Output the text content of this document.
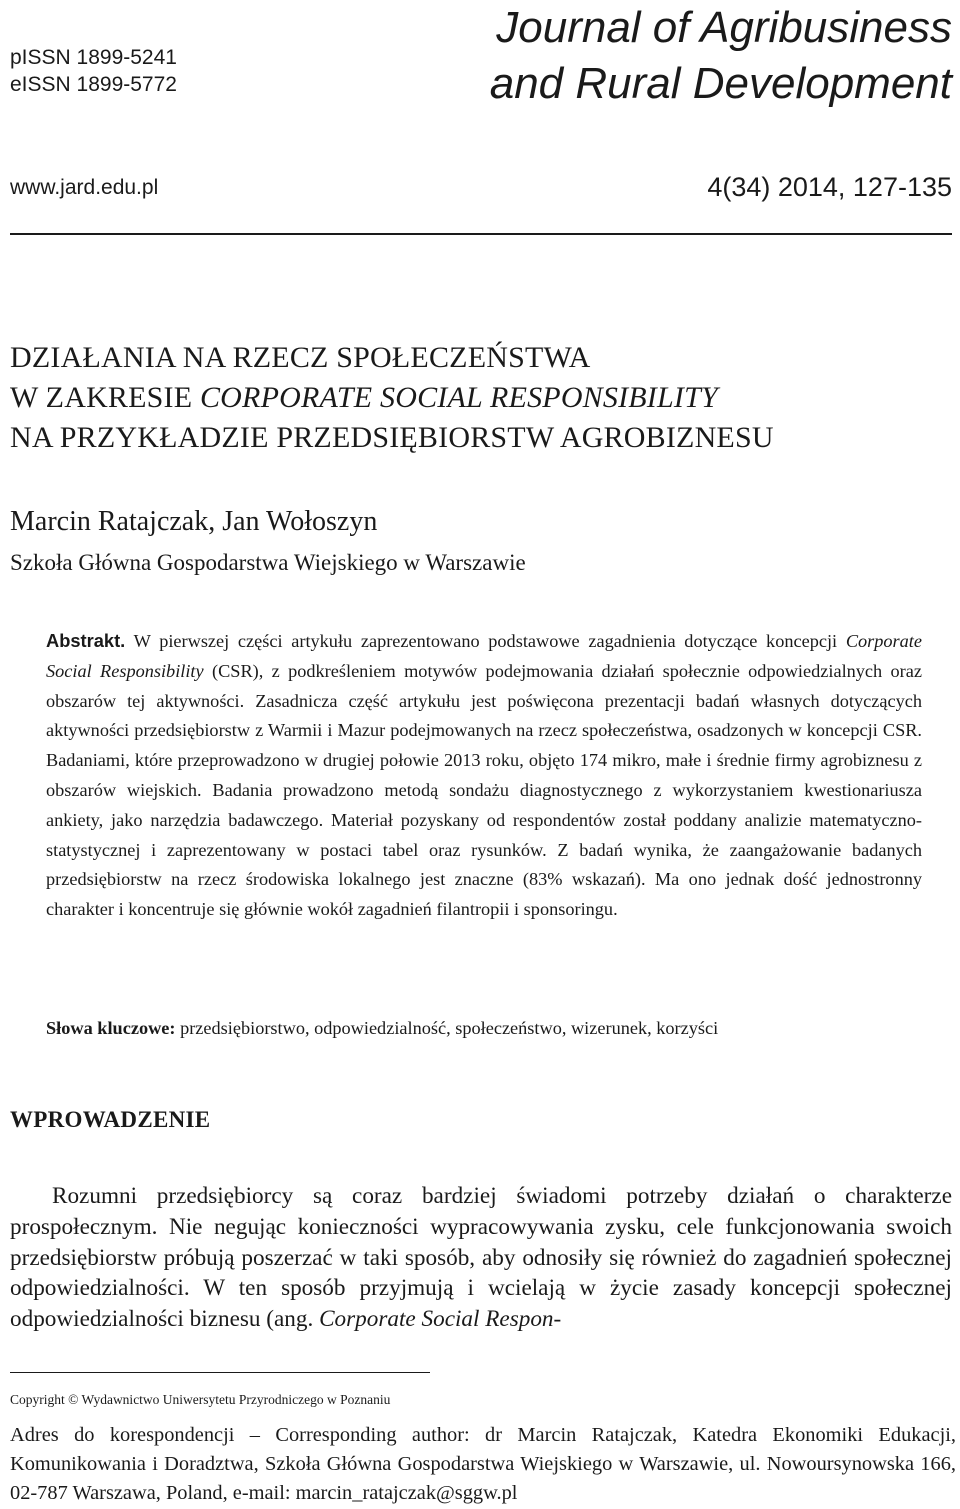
pISSN 1899-5241
eISSN 1899-5772
Journal of Agribusiness
and Rural Development
www.jard.edu.pl	4(34) 2014, 127-135
DZIAŁANIA NA RZECZ SPOŁECZEŃSTWA
W ZAKRESIE CORPORATE SOCIAL RESPONSIBILITY
NA PRZYKŁADZIE PRZEDSIĘBIORSTW AGROBIZNESU
Marcin Ratajczak, Jan Wołoszyn
Szkoła Główna Gospodarstwa Wiejskiego w Warszawie
Abstrakt. W pierwszej części artykułu zaprezentowano podstawowe zagadnienia dotyczące koncepcji Corporate Social Responsibility (CSR), z podkreśleniem motywów podejmowania działań społecznie odpowiedzialnych oraz obszarów tej aktywności. Zasadnicza część artykułu jest poświęcona prezentacji badań własnych dotyczących aktywności przedsiębiorstw z Warmii i Mazur podejmowanych na rzecz społeczeństwa, osadzonych w koncepcji CSR. Badaniami, które przeprowadzono w drugiej połowie 2013 roku, objęto 174 mikro, małe i średnie firmy agrobiznesu z obszarów wiejskich. Badania prowadzono metodą sondażu diagnostycznego z wykorzystaniem kwestionariusza ankiety, jako narzędzia badawczego. Materiał pozyskany od respondentów został poddany analizie matematyczno-statystycznej i zaprezentowany w postaci tabel oraz rysunków. Z badań wynika, że zaangażowanie badanych przedsiębiorstw na rzecz środowiska lokalnego jest znaczne (83% wskazań). Ma ono jednak dość jednostronny charakter i koncentruje się głównie wokół zagadnień filantropii i sponsoringu.
Słowa kluczowe: przedsiębiorstwo, odpowiedzialność, społeczeństwo, wizerunek, korzyści
WPROWADZENIE
Rozumni przedsiębiorcy są coraz bardziej świadomi potrzeby działań o charakterze prospołecznym. Nie negując konieczności wypracowywania zysku, cele funkcjonowania swoich przedsiębiorstw próbują poszerzać w taki sposób, aby odnosiły się również do zagadnień społecznej odpowiedzialności. W ten sposób przyjmują i wcielają w życie zasady koncepcji społecznej odpowiedzialności biznesu (ang. Corporate Social Respon-
Copyright © Wydawnictwo Uniwersytetu Przyrodniczego w Poznaniu
Adres do korespondencji – Corresponding author: dr Marcin Ratajczak, Katedra Ekonomiki Edukacji, Komunikowania i Doradztwa, Szkoła Główna Gospodarstwa Wiejskiego w Warszawie, ul. Nowoursynowska 166, 02-787 Warszawa, Poland, e-mail: marcin_ratajczak@sggw.pl
